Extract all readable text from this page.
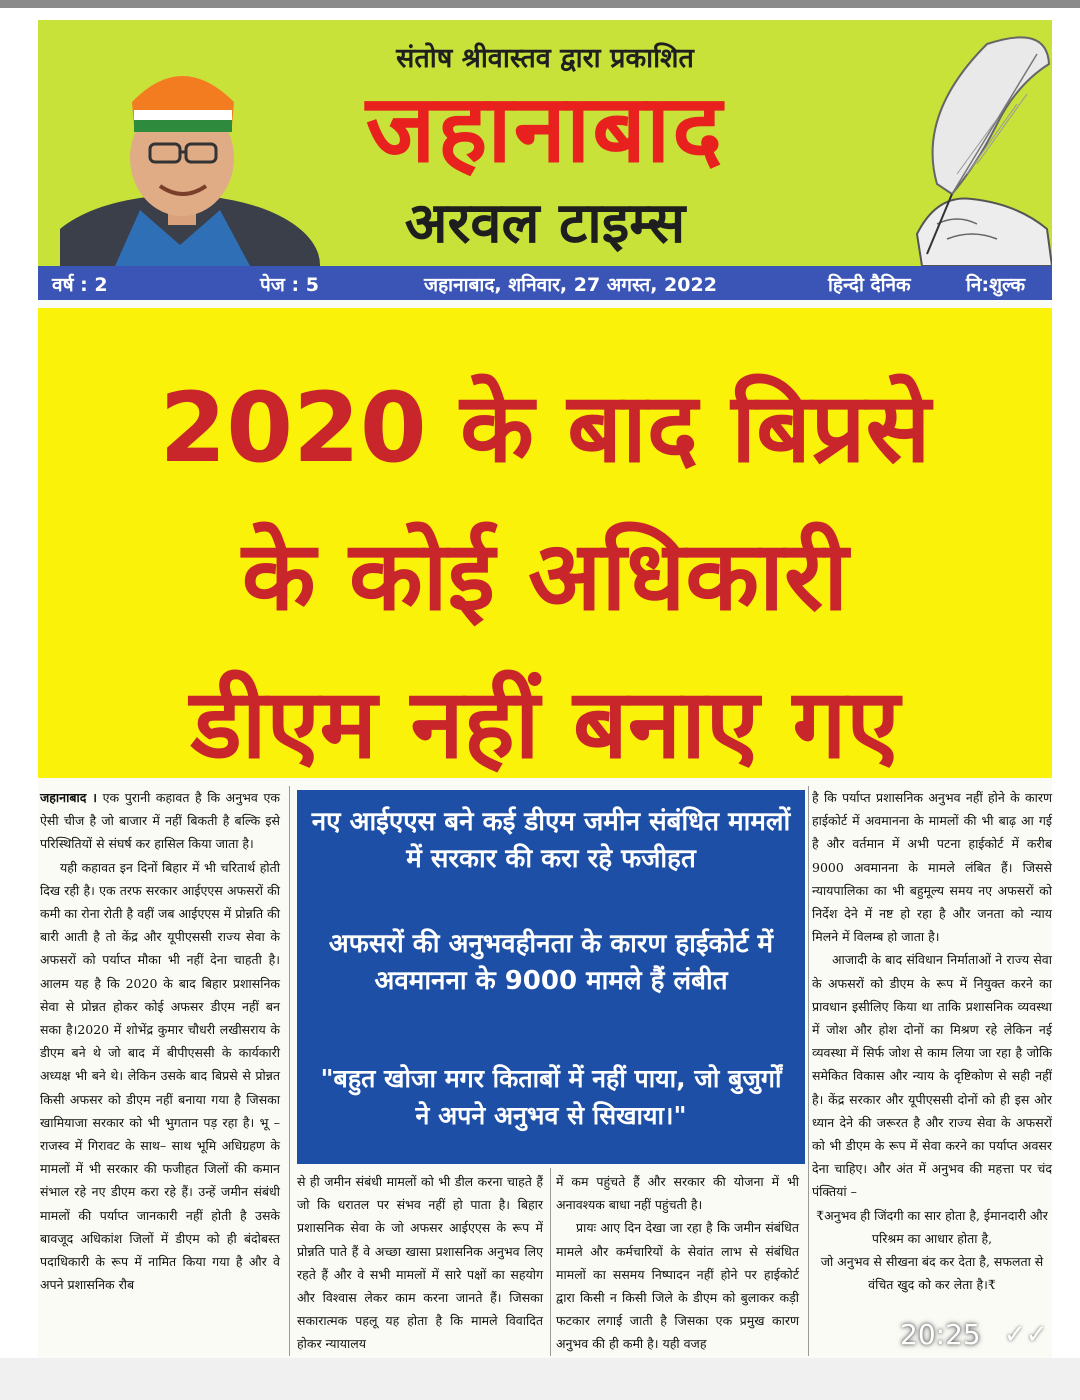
संतोष श्रीवास्तव द्वारा प्रकाशित
जहानाबाद
अरवल टाइम्स
वर्ष : 2	पेज : 5	जहानाबाद, शनिवार, 27 अगस्त, 2022	हिन्दी दैनिक	नि:शुल्क
2020 के बाद बिप्रसे
के कोई अधिकारी
डीएम नहीं बनाए गए

जहानाबाद । एक पुरानी कहावत है कि अनुभव एक ऐसी चीज है जो बाजार में नहीं बिकती है बल्कि इसे परिस्थितियों से संघर्ष कर हासिल किया जाता है।

यही कहावत इन दिनों बिहार में भी चरितार्थ होती दिख रही है। एक तरफ सरकार आईएएस अफसरों की कमी का रोना रोती है वहीं जब आईएएस में प्रोन्नति की बारी आती है तो केंद्र और यूपीएससी राज्य सेवा के अफसरों को पर्याप्त मौका भी नहीं देना चाहती है। आलम यह है कि 2020 के बाद बिहार प्रशासनिक सेवा से प्रोन्नत होकर कोई अफसर डीएम नहीं बन सका है।2020 में शोभेंद्र कुमार चौधरी लखीसराय के डीएम बने थे जो बाद में बीपीएससी के कार्यकारी अध्यक्ष भी बने थे। लेकिन उसके बाद बिप्रसे से प्रोन्नत किसी अफसर को डीएम नहीं बनाया गया है जिसका खामियाजा सरकार को भी भुगतान पड़ रहा है। भू – राजस्व में गिरावट के साथ– साथ भूमि अधिग्रहण के मामलों में भी सरकार की फजीहत जिलों की कमान संभाल रहे नए डीएम करा रहे हैं। उन्हें जमीन संबंधी मामलों की पर्याप्त जानकारी नहीं होती है उसके बावजूद अधिकांश जिलों में डीएम को ही बंदोबस्त पदाधिकारी के रूप में नामित किया गया है और वे अपने प्रशासनिक रौब

नए आईएएस बने कई डीएम जमीन संबंधित मामलों में सरकार की करा रहे फजीहत
अफसरों की अनुभवहीनता के कारण हाईकोर्ट में अवमानना के 9000 मामले हैं लंबीत
"बहुत खोजा मगर किताबों में नहीं पाया, जो बुजुर्गों ने अपने अनुभव से सिखाया।"

से ही जमीन संबंधी मामलों को भी डील करना चाहते हैं जो कि धरातल पर संभव नहीं हो पाता है। बिहार प्रशासनिक सेवा के जो अफसर आईएएस के रूप में प्रोन्नति पाते हैं वे अच्छा खासा प्रशासनिक अनुभव लिए रहते हैं और वे सभी मामलों में सारे पक्षों का सहयोग और विश्वास लेकर काम करना जानते हैं। जिसका सकारात्मक पहलू यह होता है कि मामले विवादित होकर न्यायालय

में कम पहुंचते हैं और सरकार की योजना में भी अनावश्यक बाधा नहीं पहुंचती है।

प्रायः आए दिन देखा जा रहा है कि जमीन संबंधित मामले और कर्मचारियों के सेवांत लाभ से संबंधित मामलों का ससमय निष्पादन नहीं होने पर हाईकोर्ट द्वारा किसी न किसी जिले के डीएम को बुलाकर कड़ी फटकार लगाई जाती है जिसका एक प्रमुख कारण अनुभव की ही कमी है। यही वजह

है कि पर्याप्त प्रशासनिक अनुभव नहीं होने के कारण हाईकोर्ट में अवमानना के मामलों की भी बाढ़ आ गई है और वर्तमान में अभी पटना हाईकोर्ट में करीब 9000 अवमानना के मामले लंबित हैं। जिससे न्यायपालिका का भी बहुमूल्य समय नए अफसरों को निर्देश देने में नष्ट हो रहा है और जनता को न्याय मिलने में विलम्ब हो जाता है।

आजादी के बाद संविधान निर्माताओं ने राज्य सेवा के अफसरों को डीएम के रूप में नियुक्त करने का प्रावधान इसीलिए किया था ताकि प्रशासनिक व्यवस्था में जोश और होश दोनों का मिश्रण रहे लेकिन नई व्यवस्था में सिर्फ जोश से काम लिया जा रहा है जोकि समेकित विकास और न्याय के दृष्टिकोण से सही नहीं है। केंद्र सरकार और यूपीएससी दोनों को ही इस ओर ध्यान देने की जरूरत है और राज्य सेवा के अफसरों को भी डीएम के रूप में सेवा करने का पर्याप्त अवसर देना चाहिए। और अंत में अनुभव की महत्ता पर चंद पंक्तियां –

₹अनुभव ही जिंदगी का सार होता है, ईमानदारी और परिश्रम का आधार होता है,

जो अनुभव से सीखना बंद कर देता है, सफलता से वंचित खुद को कर लेता है।₹

20:25 ✓✓
